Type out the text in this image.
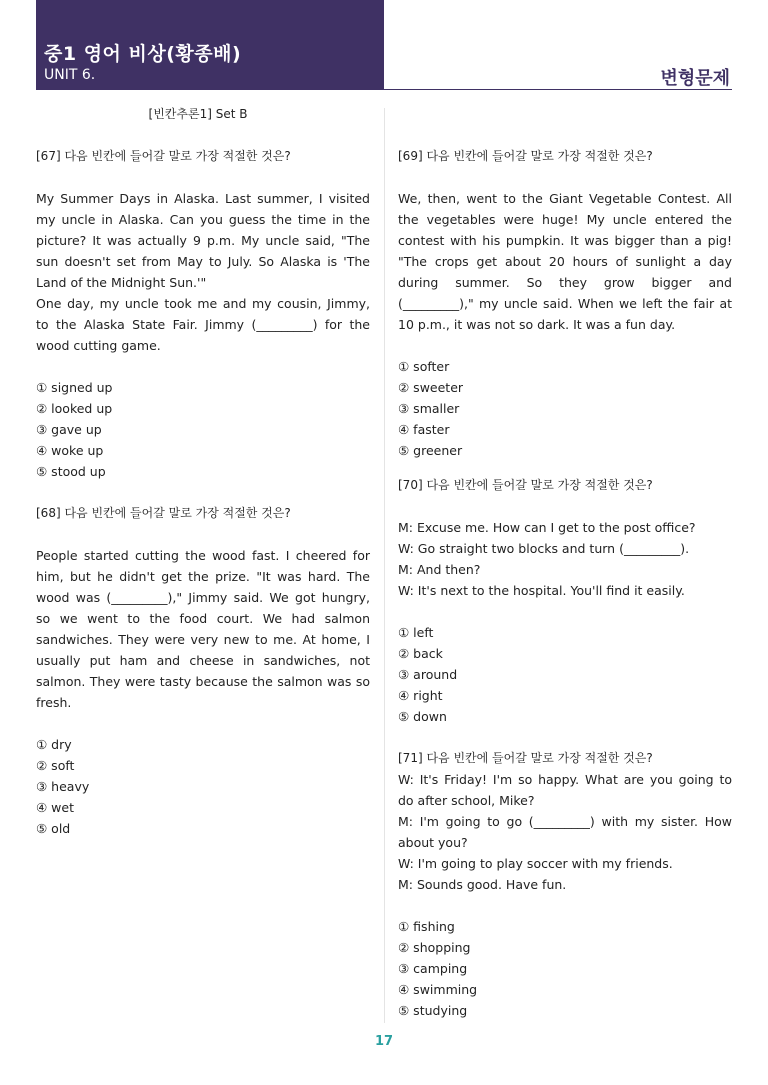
중1 영어 비상(황종배)
UNIT 6.	변형문제
[빈칸추론1] Set B
[67] 다음 빈칸에 들어갈 말로 가장 적절한 것은?
My Summer Days in Alaska. Last summer, I visited my uncle in Alaska. Can you guess the time in the picture? It was actually 9 p.m. My uncle said, "The sun doesn't set from May to July. So Alaska is 'The Land of the Midnight Sun.'"
One day, my uncle took me and my cousin, Jimmy, to the Alaska State Fair. Jimmy (_________) for the wood cutting game.
① signed up
② looked up
③ gave up
④ woke up
⑤ stood up
[68] 다음 빈칸에 들어갈 말로 가장 적절한 것은?
People started cutting the wood fast. I cheered for him, but he didn't get the prize. "It was hard. The wood was (_________)," Jimmy said. We got hungry, so we went to the food court. We had salmon sandwiches. They were very new to me. At home, I usually put ham and cheese in sandwiches, not salmon. They were tasty because the salmon was so fresh.
① dry
② soft
③ heavy
④ wet
⑤ old
[69] 다음 빈칸에 들어갈 말로 가장 적절한 것은?
We, then, went to the Giant Vegetable Contest. All the vegetables were huge! My uncle entered the contest with his pumpkin. It was bigger than a pig! "The crops get about 20 hours of sunlight a day during summer. So they grow bigger and (_________)," my uncle said. When we left the fair at 10 p.m., it was not so dark. It was a fun day.
① softer
② sweeter
③ smaller
④ faster
⑤ greener
[70] 다음 빈칸에 들어갈 말로 가장 적절한 것은?
M: Excuse me. How can I get to the post office?
W: Go straight two blocks and turn (_________).
M: And then?
W: It's next to the hospital. You'll find it easily.
① left
② back
③ around
④ right
⑤ down
[71] 다음 빈칸에 들어갈 말로 가장 적절한 것은?
W: It's Friday! I'm so happy. What are you going to do after school, Mike?
M: I'm going to go (_________) with my sister. How about you?
W: I'm going to play soccer with my friends.
M: Sounds good. Have fun.
① fishing
② shopping
③ camping
④ swimming
⑤ studying
17
